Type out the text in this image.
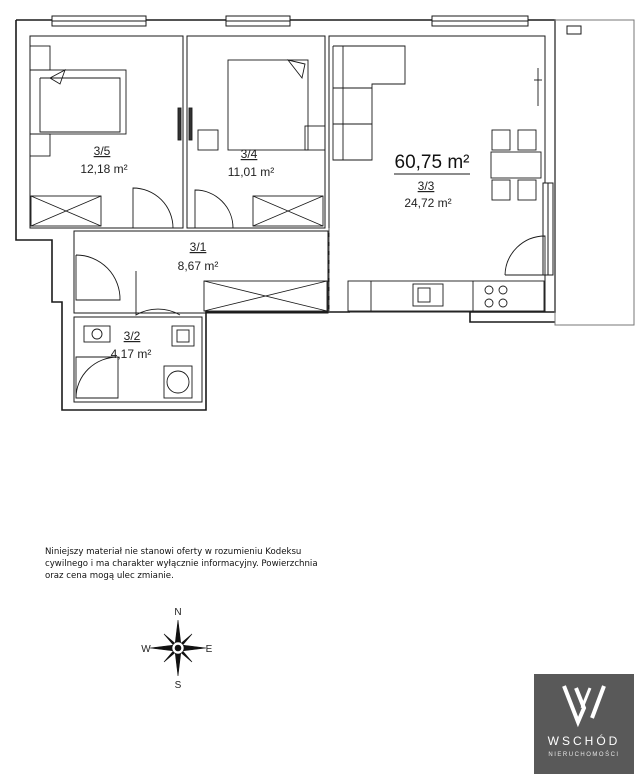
3/5
12,18 m²
3/4
11,01 m²	60,75 m²
3/3
24,72 m²
3/1
8,67 m²
3/2
4,17 m²
N
S
E
W
Niniejszy materiał nie stanowi oferty w rozumieniu Kodeksu
cywilnego i ma charakter wyłącznie informacyjny. Powierzchnia
oraz cena mogą ulec zmianie.
WSCHÓD
NIERUCHOMOŚCI
